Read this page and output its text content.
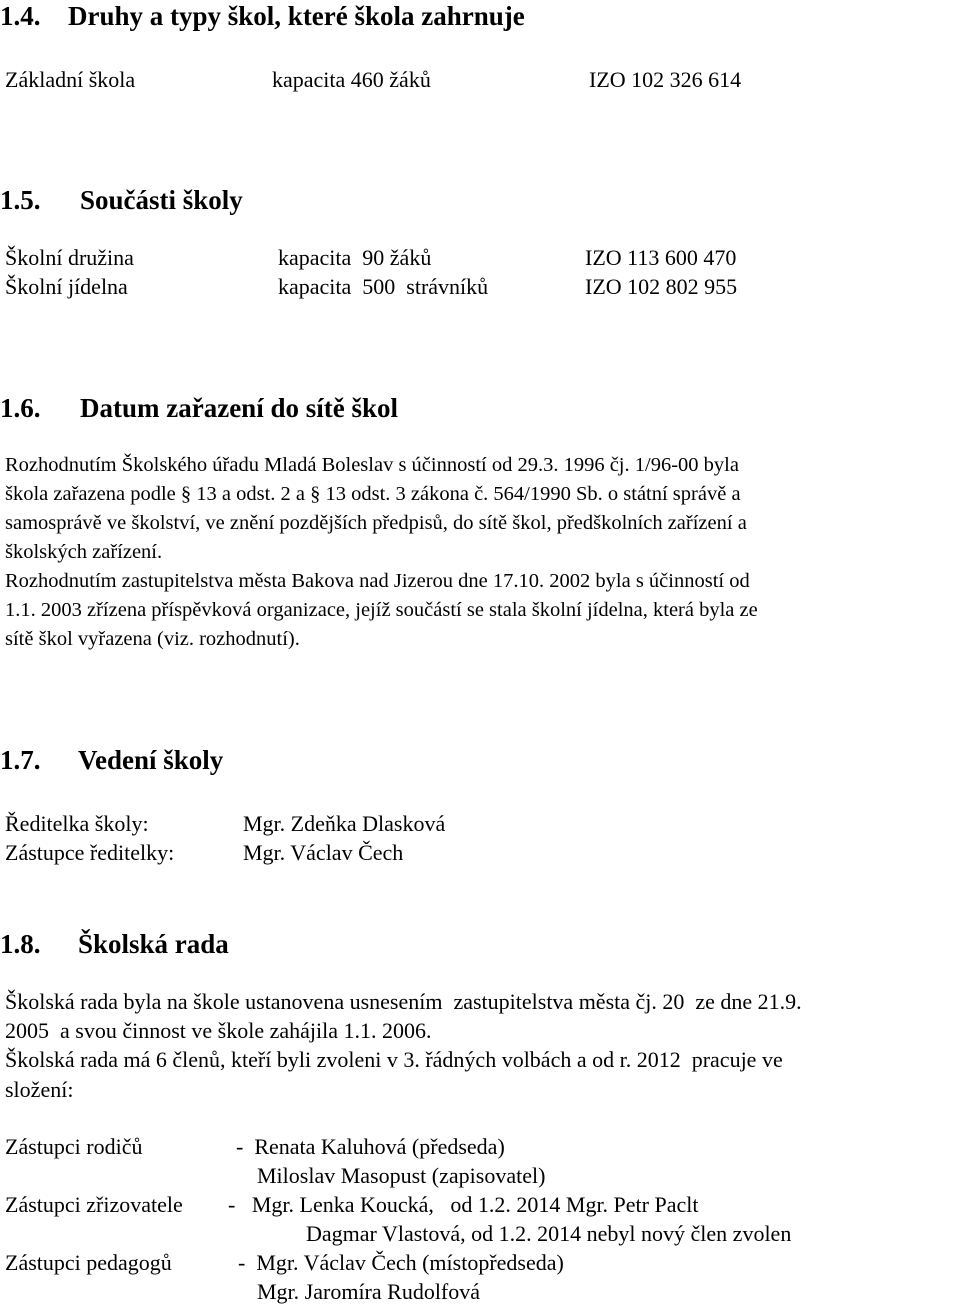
1.4. Druhy a typy škol, které škola zahrnuje
Základní škola	kapacita 460 žáků	IZO 102 326 614
1.5. Součásti školy
Školní družina	kapacita  90 žáků	IZO 113 600 470
Školní jídelna	kapacita  500  strávníků	IZO 102 802 955
1.6. Datum zařazení do sítě škol
Rozhodnutím Školského úřadu Mladá Boleslav s účinností od 29.3. 1996 čj. 1/96-00 byla
škola zařazena podle § 13 a odst. 2 a § 13 odst. 3 zákona č. 564/1990 Sb. o státní správě a
samosprávě ve školství, ve znění pozdějších předpisů, do sítě škol, předškolních zařízení a
školských zařízení.
Rozhodnutím zastupitelstva města Bakova nad Jizerou dne 17.10. 2002 byla s účinností od
1.1. 2003 zřízena příspěvková organizace, jejíž součástí se stala školní jídelna, která byla ze
sítě škol vyřazena (viz. rozhodnutí).
1.7. Vedení školy
Ředitelka školy:	Mgr. Zdeňka Dlasková
Zástupce ředitelky:	Mgr. Václav Čech
1.8. Školská rada
Školská rada byla na škole ustanovena usnesením  zastupitelstva města čj. 20  ze dne 21.9.
2005  a svou činnost ve škole zahájila 1.1. 2006.
Školská rada má 6 členů, kteří byli zvoleni v 3. řádných volbách a od r. 2012  pracuje ve
složení:
Zástupci rodičů	-  Renata Kaluhová (předseda)
Miloslav Masopust (zapisovatel)
Zástupci zřizovatele -   Mgr. Lenka Koucká,   od 1.2. 2014 Mgr. Petr Paclt
Dagmar Vlastová, od 1.2. 2014 nebyl nový člen zvolen
Zástupci pedagogů	-  Mgr. Václav Čech (místopředseda)
Mgr. Jaromíra Rudolfová
